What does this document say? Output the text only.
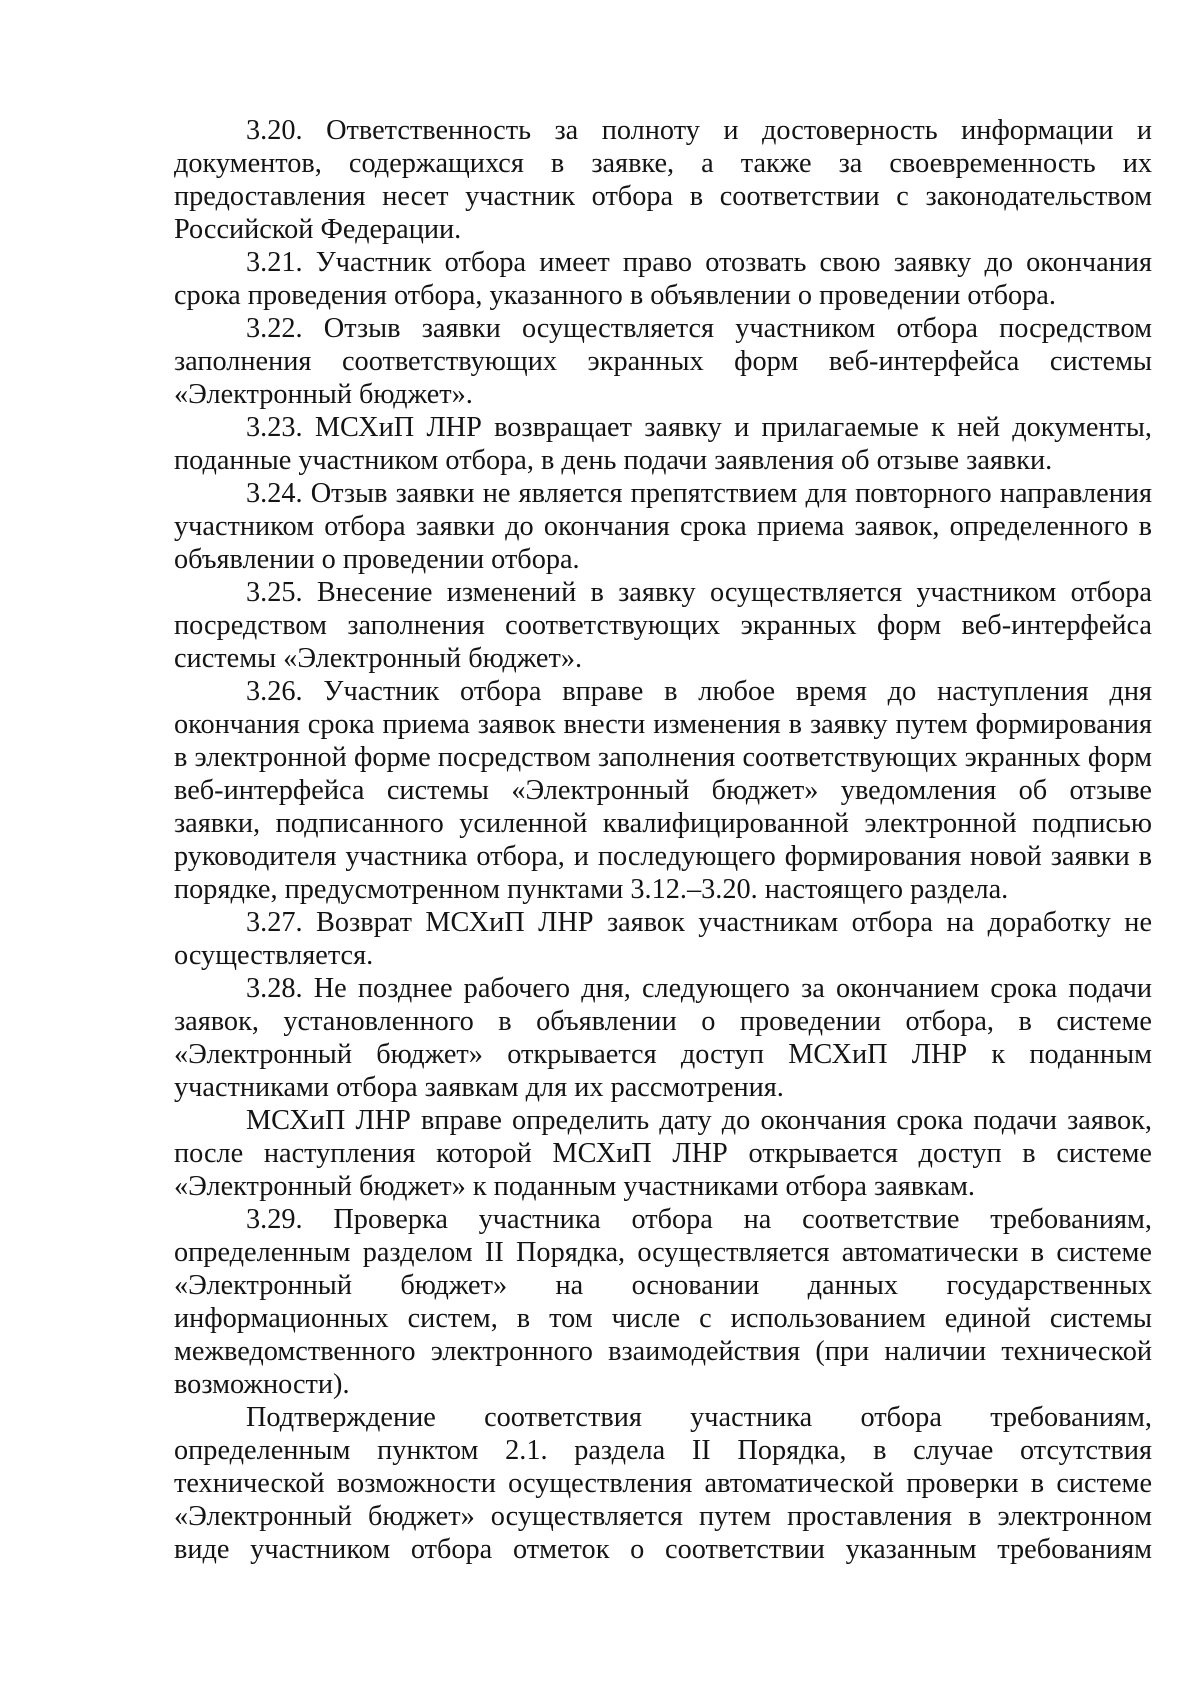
3.20. Ответственность за полноту и достоверность информации и документов, содержащихся в заявке, а также за своевременность их предоставления несет участник отбора в соответствии с законодательством Российской Федерации.

3.21. Участник отбора имеет право отозвать свою заявку до окончания срока проведения отбора, указанного в объявлении о проведении отбора.

3.22. Отзыв заявки осуществляется участником отбора посредством заполнения соответствующих экранных форм веб-интерфейса системы «Электронный бюджет».

3.23. МСХиП ЛНР возвращает заявку и прилагаемые к ней документы, поданные участником отбора, в день подачи заявления об отзыве заявки.

3.24. Отзыв заявки не является препятствием для повторного направления участником отбора заявки до окончания срока приема заявок, определенного в объявлении о проведении отбора.

3.25. Внесение изменений в заявку осуществляется участником отбора посредством заполнения соответствующих экранных форм веб-интерфейса системы «Электронный бюджет».

3.26. Участник отбора вправе в любое время до наступления дня окончания срока приема заявок внести изменения в заявку путем формирования в электронной форме посредством заполнения соответствующих экранных форм веб-интерфейса системы «Электронный бюджет» уведомления об отзыве заявки, подписанного усиленной квалифицированной электронной подписью руководителя участника отбора, и последующего формирования новой заявки в порядке, предусмотренном пунктами 3.12.–3.20. настоящего раздела.

3.27. Возврат МСХиП ЛНР заявок участникам отбора на доработку не осуществляется.

3.28. Не позднее рабочего дня, следующего за окончанием срока подачи заявок, установленного в объявлении о проведении отбора, в системе «Электронный бюджет» открывается доступ МСХиП ЛНР к поданным участниками отбора заявкам для их рассмотрения.

МСХиП ЛНР вправе определить дату до окончания срока подачи заявок, после наступления которой МСХиП ЛНР открывается доступ в системе «Электронный бюджет» к поданным участниками отбора заявкам.

3.29. Проверка участника отбора на соответствие требованиям, определенным разделом II Порядка, осуществляется автоматически в системе «Электронный бюджет» на основании данных государственных информационных систем, в том числе с использованием единой системы межведомственного электронного взаимодействия (при наличии технической возможности).

Подтверждение соответствия участника отбора требованиям, определенным пунктом 2.1. раздела II Порядка, в случае отсутствия технической возможности осуществления автоматической проверки в системе «Электронный бюджет» осуществляется путем проставления в электронном виде участником отбора отметок о соответствии указанным требованиям
